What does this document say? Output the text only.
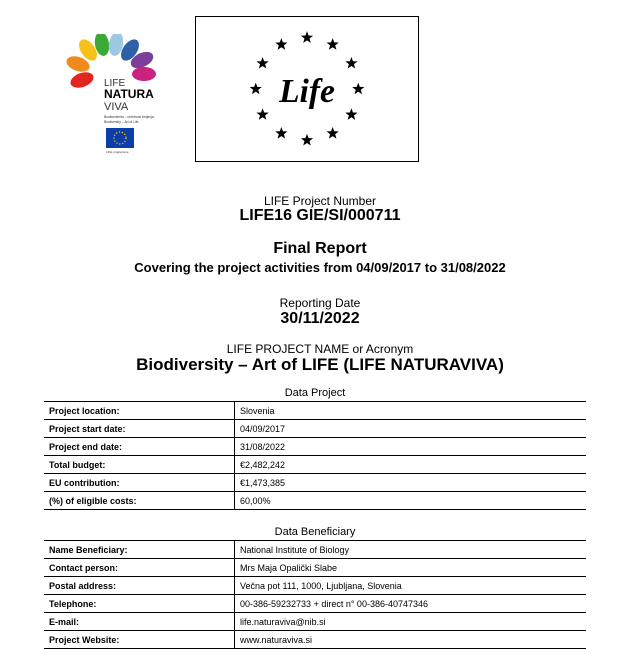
LIFE
NATURA
VIVA
Biodiverziteta – umetnost življenja
Biodiversity – Art of Life
LIFE programme
Life
LIFE Project Number
LIFE16 GIE/SI/000711
Final Report
Covering the project activities from 04/09/2017 to 31/08/2022
Reporting Date
30/11/2022
LIFE PROJECT NAME or Acronym
Biodiversity – Art of LIFE (LIFE NATURAVIVA)
Data Project
Project location:	Slovenia
Project start date:	04/09/2017
Project end date:	31/08/2022
Total budget:	€2,482,242
EU contribution:	€1,473,385
(%) of eligible costs:	60,00%
Data Beneficiary
Name Beneficiary:	National Institute of Biology
Contact person:	Mrs Maja Opalički Slabe
Postal address:	Večna pot 111, 1000, Ljubljana, Slovenia
Telephone:	00-386-59232733 + direct n° 00-386-40747346
E-mail:	life.naturaviva@nib.si
Project Website:	www.naturaviva.si
